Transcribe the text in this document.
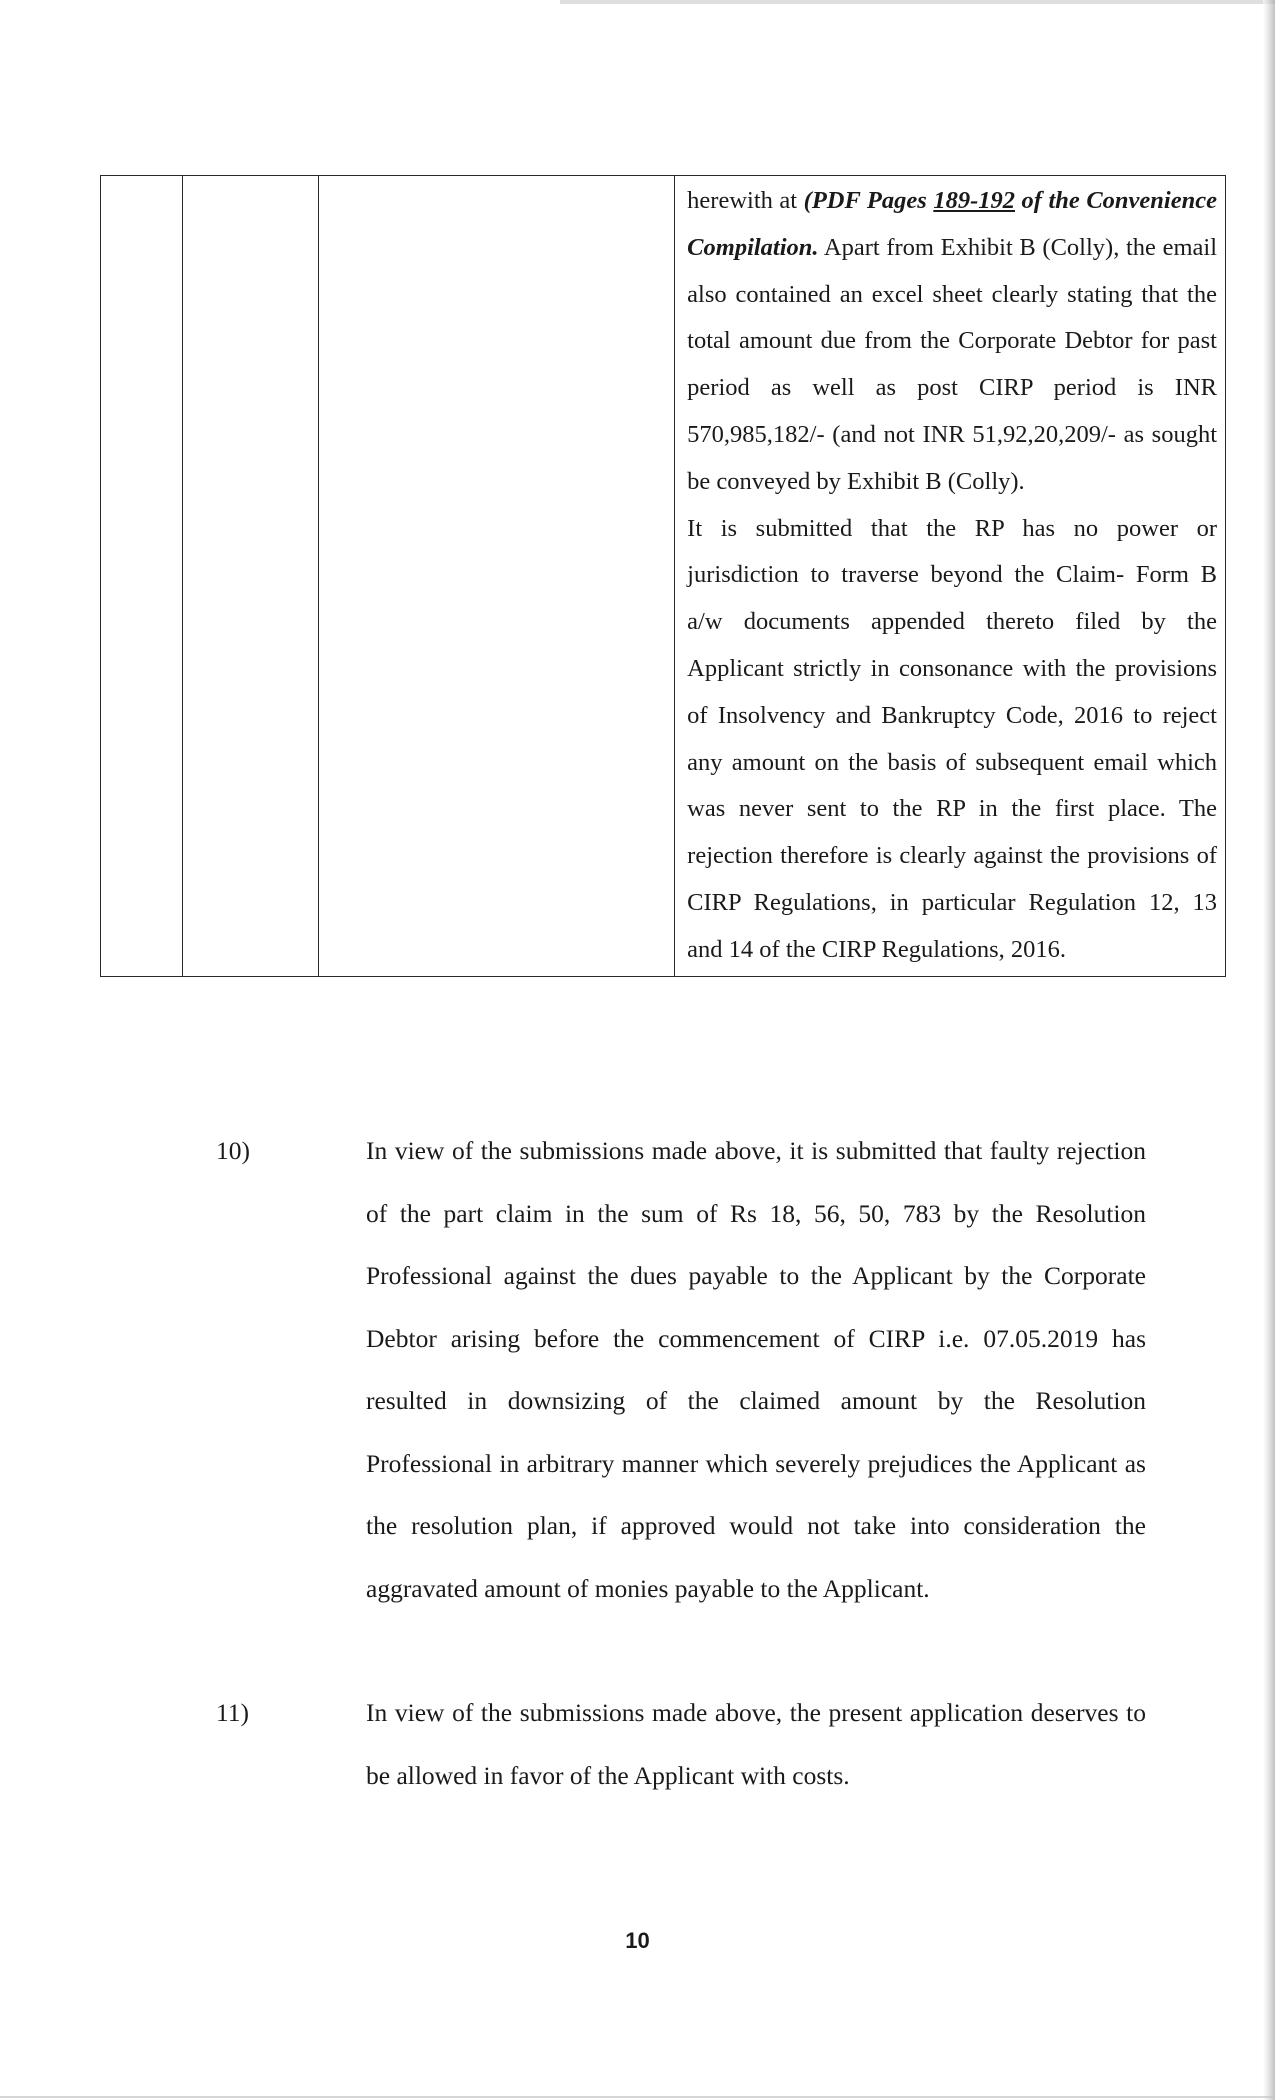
herewith at (PDF Pages 189-192 of the Convenience Compilation. Apart from Exhibit B (Colly), the email also contained an excel sheet clearly stating that the total amount due from the Corporate Debtor for past period as well as post CIRP period is INR 570,985,182/- (and not INR 51,92,20,209/- as sought be conveyed by Exhibit B (Colly).

It is submitted that the RP has no power or jurisdiction to traverse beyond the Claim- Form B a/w documents appended thereto filed by the Applicant strictly in consonance with the provisions of Insolvency and Bankruptcy Code, 2016 to reject any amount on the basis of subsequent email which was never sent to the RP in the first place. The rejection therefore is clearly against the provisions of CIRP Regulations, in particular Regulation 12, 13 and 14 of the CIRP Regulations, 2016.

10)	In view of the submissions made above, it is submitted that faulty rejection of the part claim in the sum of Rs 18, 56, 50, 783 by the Resolution Professional against the dues payable to the Applicant by the Corporate Debtor arising before the commencement of CIRP i.e. 07.05.2019 has resulted in downsizing of the claimed amount by the Resolution Professional in arbitrary manner which severely prejudices the Applicant as the resolution plan, if approved would not take into consideration the aggravated amount of monies payable to the Applicant.
11)	In view of the submissions made above, the present application deserves to be allowed in favor of the Applicant with costs.
10
